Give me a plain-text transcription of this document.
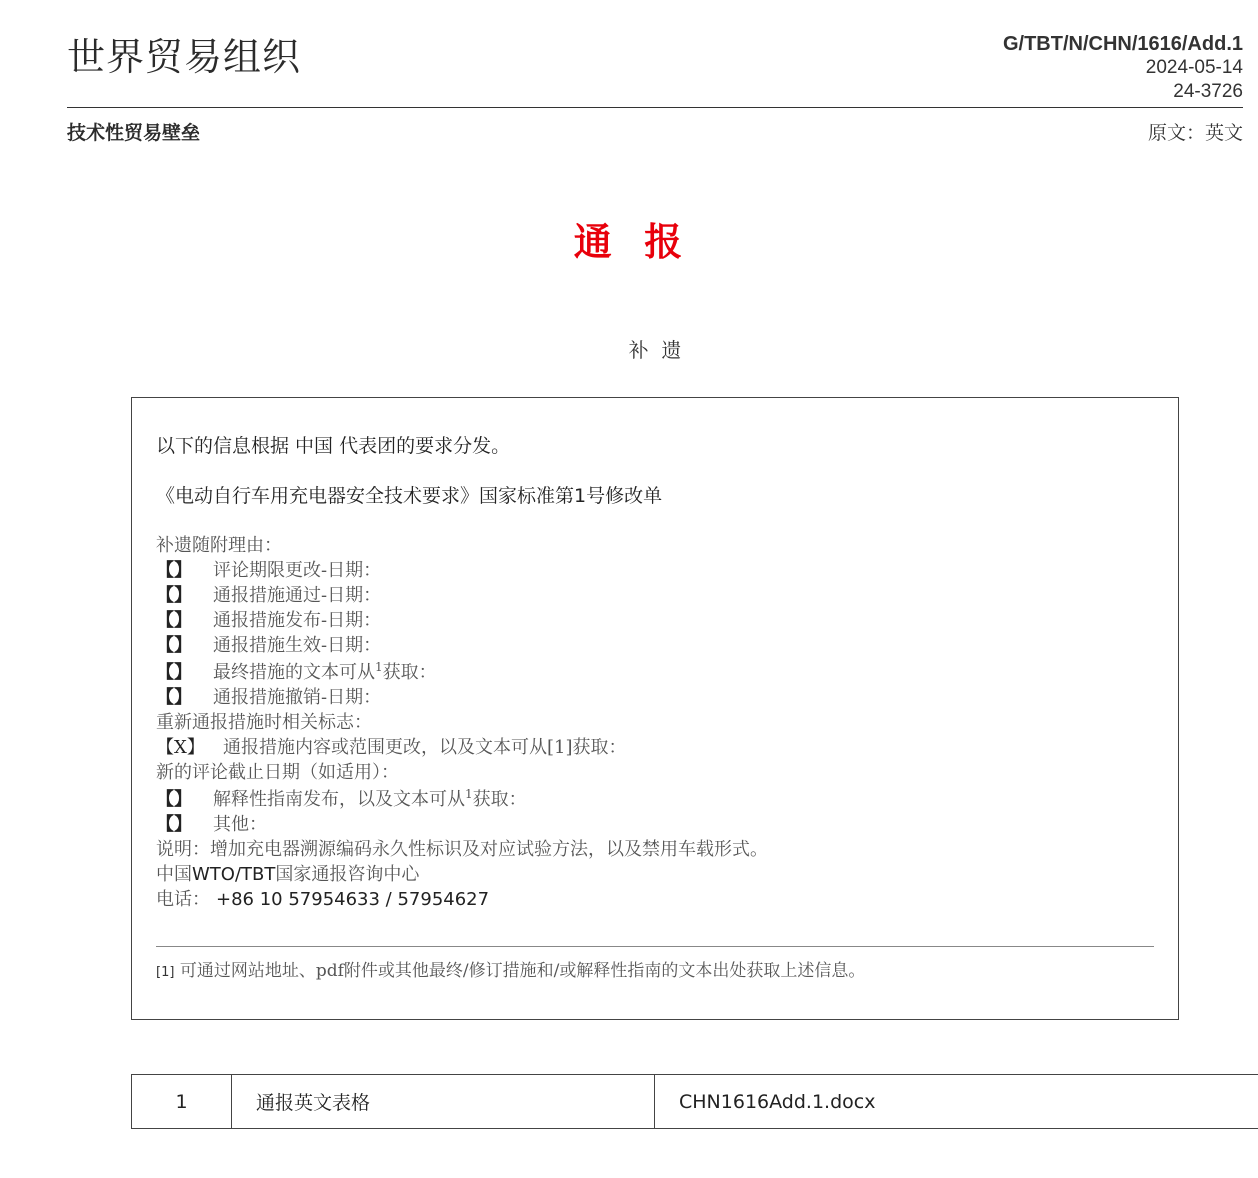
世界贸易组织	G/TBT/N/CHN/1616/Add.1
2024-05-14
24-3726
技术性贸易壁垒	原文：英文
通  报
补  遗
以下的信息根据 中国 代表团的要求分发。
《电动自行车用充电器安全技术要求》国家标准第1号修改单
补遗随附理由：
【】 评论期限更改-日期：
【】 通报措施通过-日期：
【】 通报措施发布-日期：
【】 通报措施生效-日期：
【】 最终措施的文本可从$^1$获取：
【】 通报措施撤销-日期：
重新通报措施时相关标志：
【X】 通报措施内容或范围更改，以及文本可从[1]获取：
新的评论截止日期（如适用）：
【】 解释性指南发布，以及文本可从$^1$获取：
【】 其他：
说明：增加充电器溯源编码永久性标识及对应试验方法，以及禁用车载形式。
中国WTO/TBT国家通报咨询中心
电话： +86 10 57954633 / 57954627
[1] 可通过网站地址、pdf附件或其他最终/修订措施和/或解释性指南的文本出处获取上述信息。
1	通报英文表格	CHN1616Add.1.docx
